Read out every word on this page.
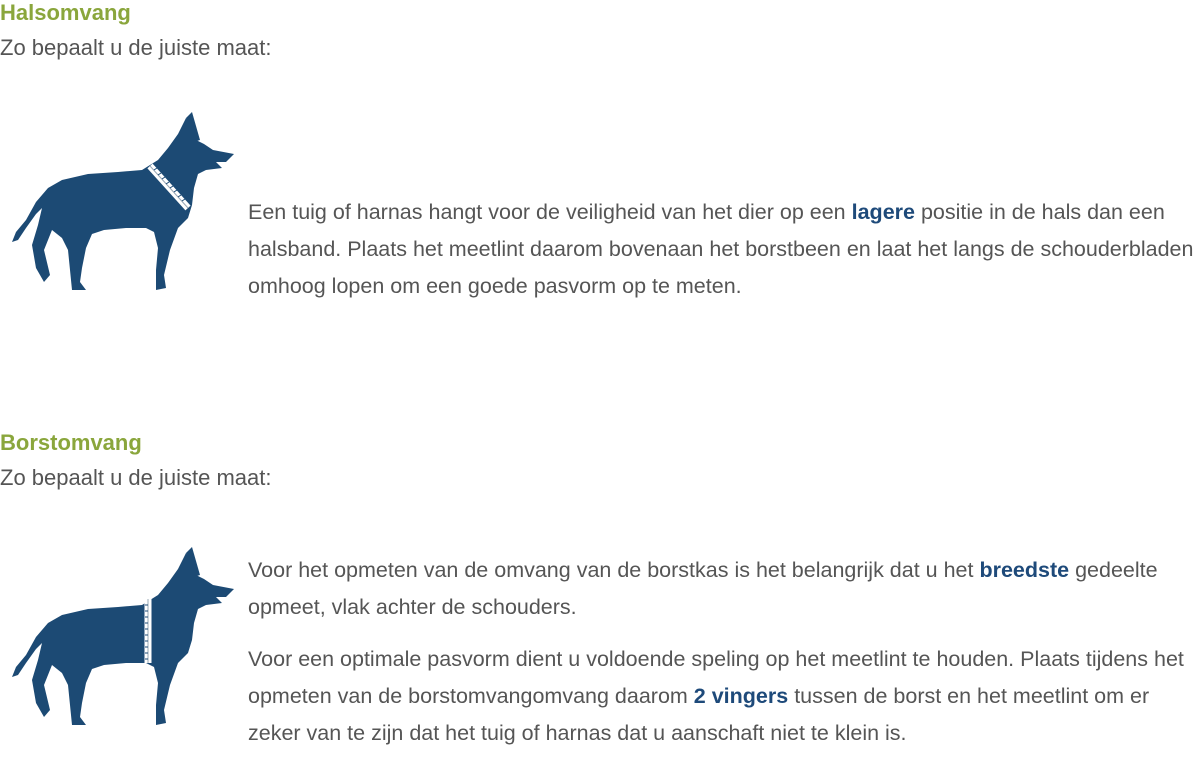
Halsomvang
Zo bepaalt u de juiste maat:

Een tuig of harnas hangt voor de veiligheid van het dier op een lagere positie in de hals dan een halsband. Plaats het meetlint daarom bovenaan het borstbeen en laat het langs de schouderbladen omhoog lopen om een goede pasvorm op te meten.

Borstomvang
Zo bepaalt u de juiste maat:

Voor het opmeten van de omvang van de borstkas is het belangrijk dat u het breedste gedeelte opmeet, vlak achter de schouders.

Voor een optimale pasvorm dient u voldoende speling op het meetlint te houden. Plaats tijdens het opmeten van de borstomvangomvang daarom 2 vingers tussen de borst en het meetlint om er zeker van te zijn dat het tuig of harnas dat u aanschaft niet te klein is.
